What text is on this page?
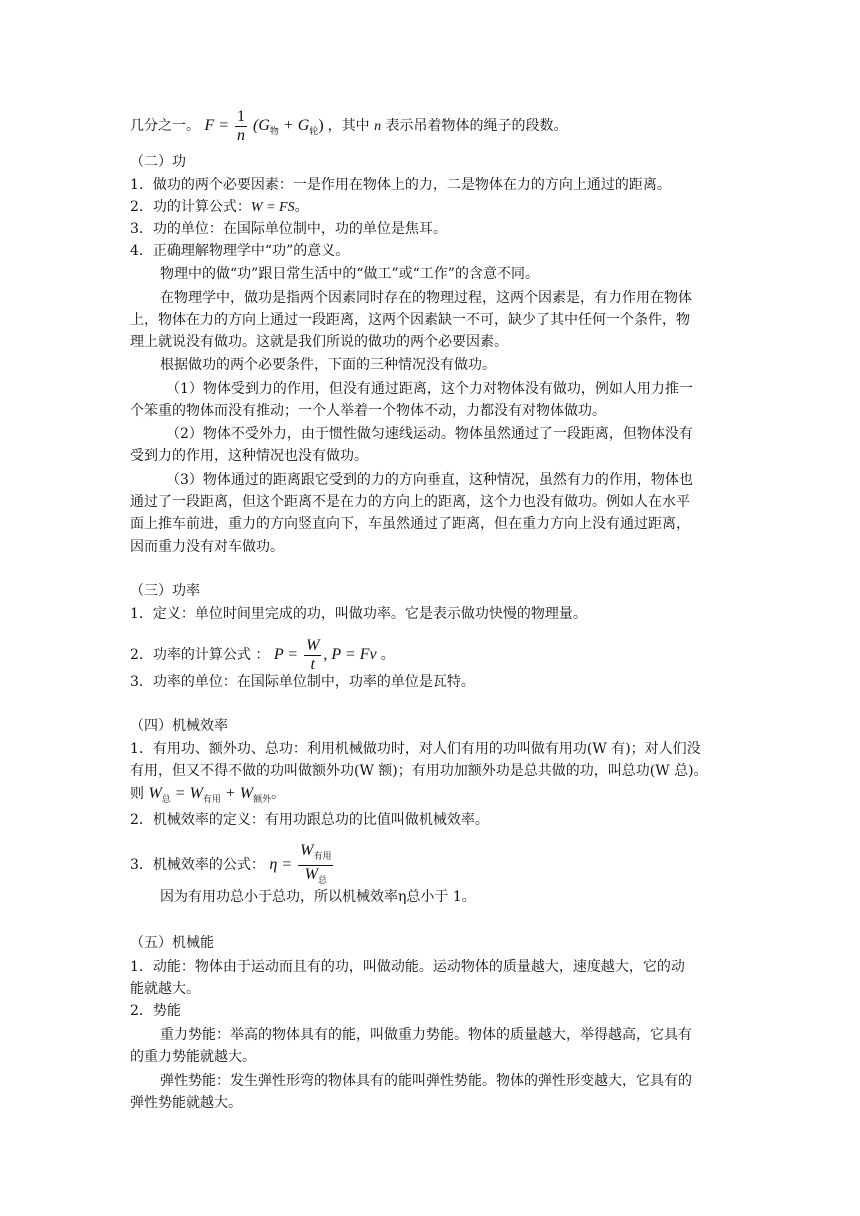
几分之一。 $F = \frac{1}{n} (G_物 + G_轮)$ ，其中 n 表示吊着物体的绳子的段数。
（二）功
1．做功的两个必要因素：一是作用在物体上的力，二是物体在力的方向上通过的距离。
2．功的计算公式：W = FS。
3．功的单位：在国际单位制中，功的单位是焦耳。
4．正确理解物理学中“功”的意义。
物理中的做“功”跟日常生活中的“做工”或“工作”的含意不同。
在物理学中，做功是指两个因素同时存在的物理过程，这两个因素是，有力作用在物体
上，物体在力的方向上通过一段距离，这两个因素缺一不可，缺少了其中任何一个条件，物
理上就说没有做功。这就是我们所说的做功的两个必要因素。
根据做功的两个必要条件，下面的三种情况没有做功。
（1）物体受到力的作用，但没有通过距离，这个力对物体没有做功，例如人用力推一
个笨重的物体而没有推动；一个人举着一个物体不动，力都没有对物体做功。
（2）物体不受外力，由于惯性做匀速线运动。物体虽然通过了一段距离，但物体没有
受到力的作用，这种情况也没有做功。
（3）物体通过的距离跟它受到的力的方向垂直，这种情况，虽然有力的作用，物体也
通过了一段距离，但这个距离不是在力的方向上的距离，这个力也没有做功。例如人在水平
面上推车前进，重力的方向竖直向下，车虽然通过了距离，但在重力方向上没有通过距离，
因而重力没有对车做功。
（三）功率
1．定义：单位时间里完成的功，叫做功率。它是表示做功快慢的物理量。
2．功率的计算公式 ： $P = \frac{W}{t}$ , P = Fv 。
3．功率的单位：在国际单位制中，功率的单位是瓦特。
（四）机械效率
1．有用功、额外功、总功：利用机械做功时，对人们有用的功叫做有用功(W 有)；对人们没
有用，但又不得不做的功叫做额外功(W 额)；有用功加额外功是总共做的功，叫总功(W 总)。
则 $W_总 = W_{有用} + W_{额外}$。
2．机械效率的定义：有用功跟总功的比值叫做机械效率。
3．机械效率的公式： $\eta = \frac{W_{有用}}{W_总}$
因为有用功总小于总功，所以机械效率η总小于 1。
（五）机械能
1．动能：物体由于运动而且有的功，叫做动能。运动物体的质量越大，速度越大，它的动
能就越大。
2．势能
重力势能：举高的物体具有的能，叫做重力势能。物体的质量越大，举得越高，它具有
的重力势能就越大。
弹性势能：发生弹性形弯的物体具有的能叫弹性势能。物体的弹性形变越大，它具有的
弹性势能就越大。
